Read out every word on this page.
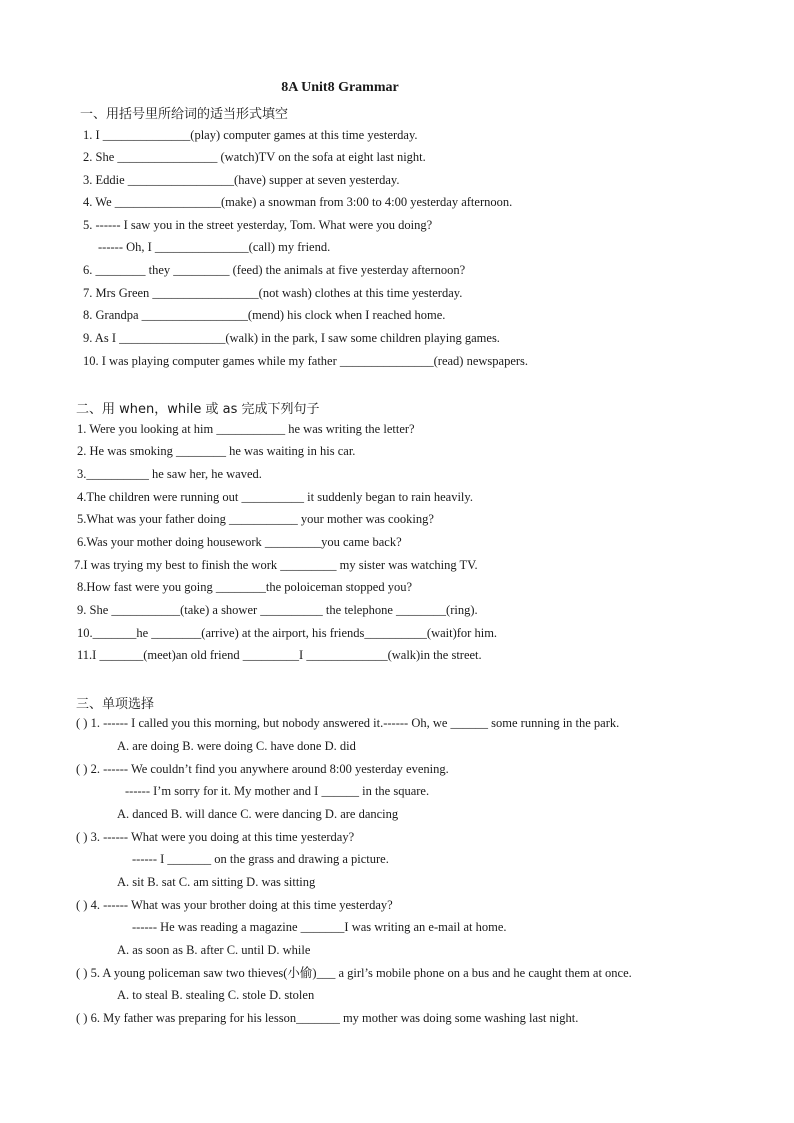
8A Unit8 Grammar
一、用括号里所给词的适当形式填空
1. I ______________(play) computer games at this time yesterday.
2. She ________________ (watch)TV on the sofa at eight last night.
3. Eddie _________________(have) supper at seven yesterday.
4. We _________________(make) a snowman from 3:00 to 4:00 yesterday afternoon.
5. ------ I saw you in the street yesterday, Tom. What were you doing?
------ Oh, I _______________(call) my friend.
6. ________ they _________ (feed) the animals at five yesterday afternoon?
7. Mrs Green _________________(not wash) clothes at this time yesterday.
8. Grandpa _________________(mend) his clock when I reached home.
9. As I _________________(walk) in the park, I saw some children playing games.
10. I was playing computer games while my father _______________(read) newspapers.
二、用 when，while 或 as 完成下列句子
1. Were you looking at him ___________ he was writing the letter?
2. He was smoking ________ he was waiting in his car.
3.__________ he saw her, he waved.
4.The children were running out __________ it suddenly began to rain heavily.
5.What was your father doing ___________ your mother was cooking?
6.Was your mother doing housework _________you came back?
7.I was trying my best to finish the work _________ my sister was watching TV.
8.How fast were you going ________the poloiceman stopped you?
9. She ___________(take) a shower __________ the telephone ________(ring).
10._______he ________(arrive) at the airport, his friends__________(wait)for him.
11.I _______(meet)an old friend _________I _____________(walk)in the street.
三、单项选择
( ) 1. ------ I called you this morning, but nobody answered it.------ Oh, we ______ some running in the park.
A. are doing B. were doing C. have done D. did
( ) 2. ------ We couldn’t find you anywhere around 8:00 yesterday evening.
------ I’m sorry for it. My mother and I ______ in the square.
A. danced B. will dance C. were dancing D. are dancing
( ) 3. ------ What were you doing at this time yesterday?
------ I _______ on the grass and drawing a picture.
A. sit B. sat C. am sitting D. was sitting
( ) 4. ------ What was your brother doing at this time yesterday?
------ He was reading a magazine _______I was writing an e-mail at home.
A. as soon as B. after C. until D. while
( ) 5. A young policeman saw two thieves(小偷)___ a girl’s mobile phone on a bus and he caught them at once.
A. to steal B. stealing C. stole D. stolen
( ) 6. My father was preparing for his lesson_______ my mother was doing some washing last night.
